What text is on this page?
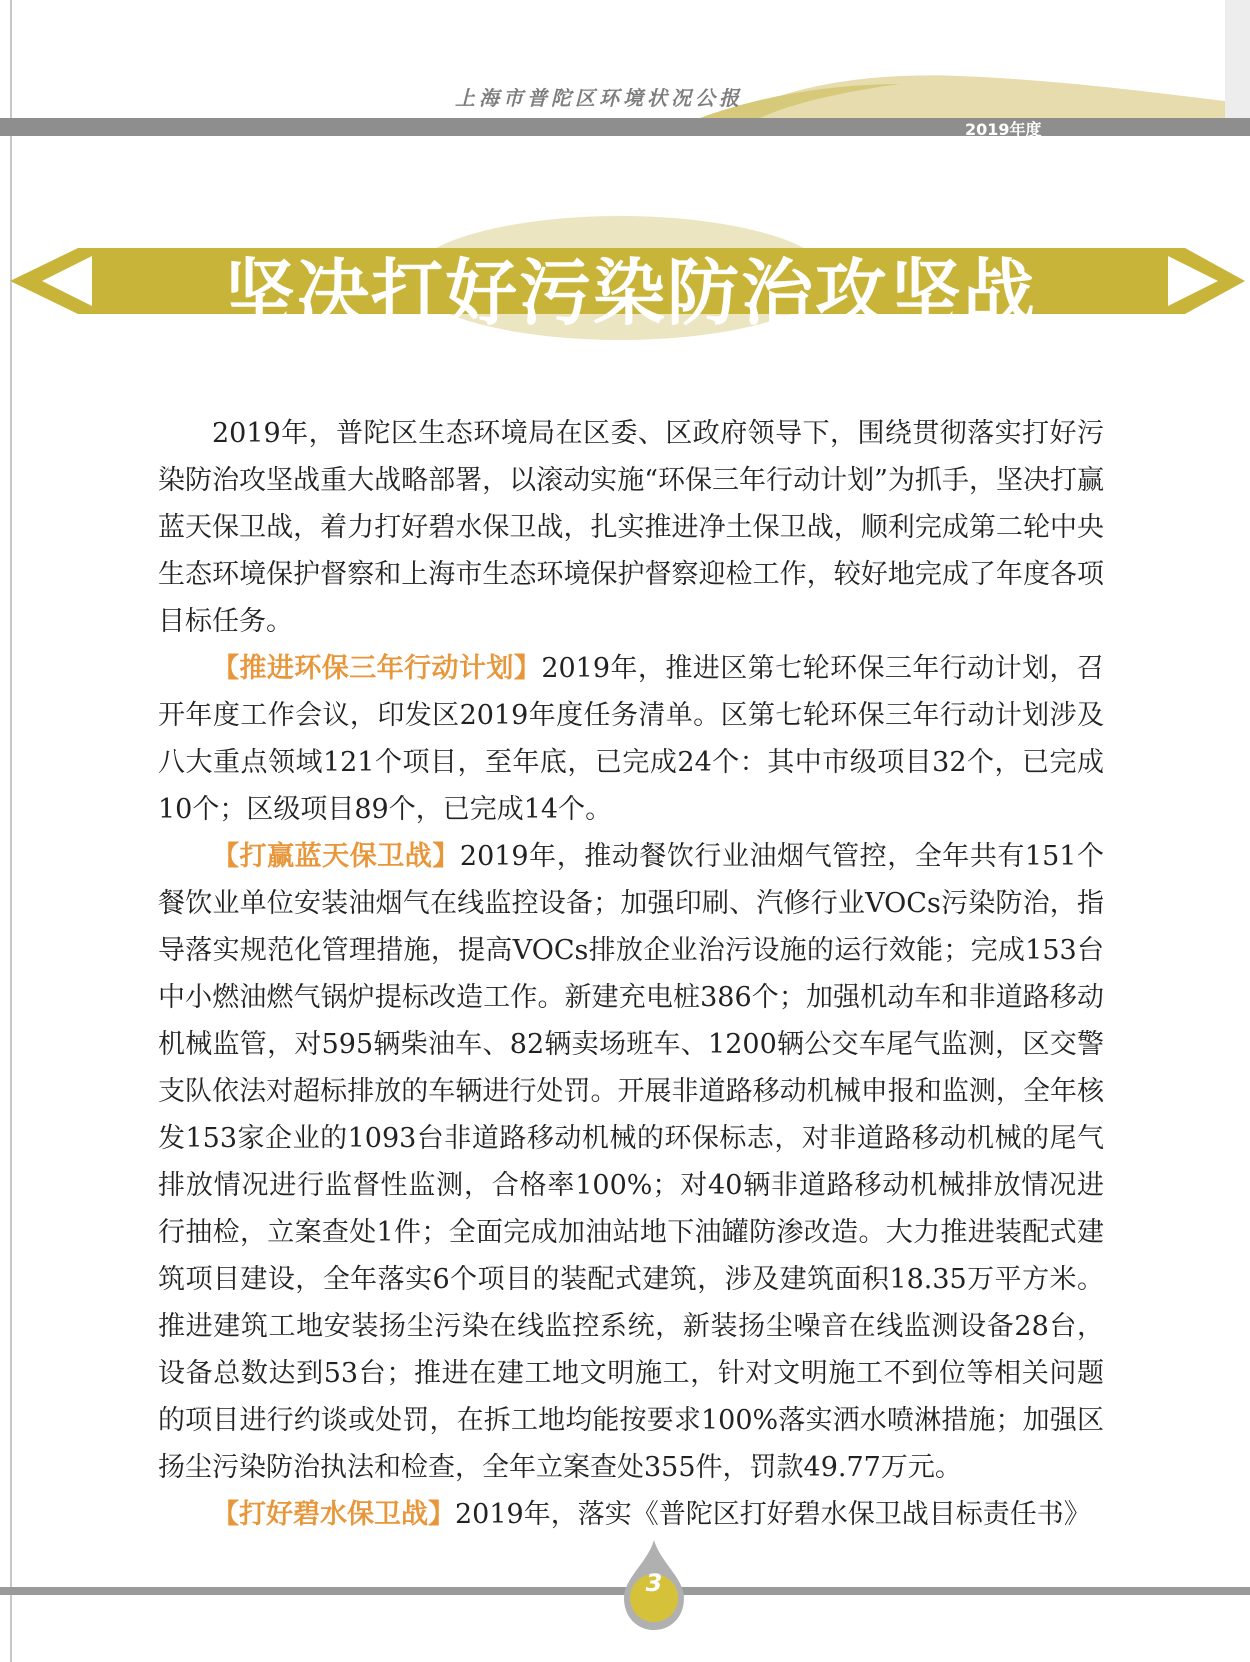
上海市普陀区环境状况公报
2019年度
坚决打好污染防治攻坚战

2019年，普陀区生态环境局在区委、区政府领导下，围绕贯彻落实打好污染防治攻坚战重大战略部署，以滚动实施“环保三年行动计划”为抓手，坚决打赢蓝天保卫战，着力打好碧水保卫战，扎实推进净土保卫战，顺利完成第二轮中央生态环境保护督察和上海市生态环境保护督察迎检工作，较好地完成了年度各项目标任务。

【推进环保三年行动计划】2019年，推进区第七轮环保三年行动计划，召开年度工作会议，印发区2019年度任务清单。区第七轮环保三年行动计划涉及八大重点领域121个项目，至年底，已完成24个：其中市级项目32个，已完成10个；区级项目89个，已完成14个。

【打赢蓝天保卫战】2019年，推动餐饮行业油烟气管控，全年共有151个餐饮业单位安装油烟气在线监控设备；加强印刷、汽修行业VOCs污染防治，指导落实规范化管理措施，提高VOCs排放企业治污设施的运行效能；完成153台中小燃油燃气锅炉提标改造工作。新建充电桩386个；加强机动车和非道路移动机械监管，对595辆柴油车、82辆卖场班车、1200辆公交车尾气监测，区交警支队依法对超标排放的车辆进行处罚。开展非道路移动机械申报和监测，全年核发153家企业的1093台非道路移动机械的环保标志，对非道路移动机械的尾气排放情况进行监督性监测，合格率100%；对40辆非道路移动机械排放情况进行抽检，立案查处1件；全面完成加油站地下油罐防渗改造。大力推进装配式建筑项目建设，全年落实6个项目的装配式建筑，涉及建筑面积18.35万平方米。推进建筑工地安装扬尘污染在线监控系统，新装扬尘噪音在线监测设备28台，设备总数达到53台；推进在建工地文明施工，针对文明施工不到位等相关问题的项目进行约谈或处罚，在拆工地均能按要求100%落实洒水喷淋措施；加强区扬尘污染防治执法和检查，全年立案查处355件，罚款49.77万元。

【打好碧水保卫战】2019年，落实《普陀区打好碧水保卫战目标责任书》

3
